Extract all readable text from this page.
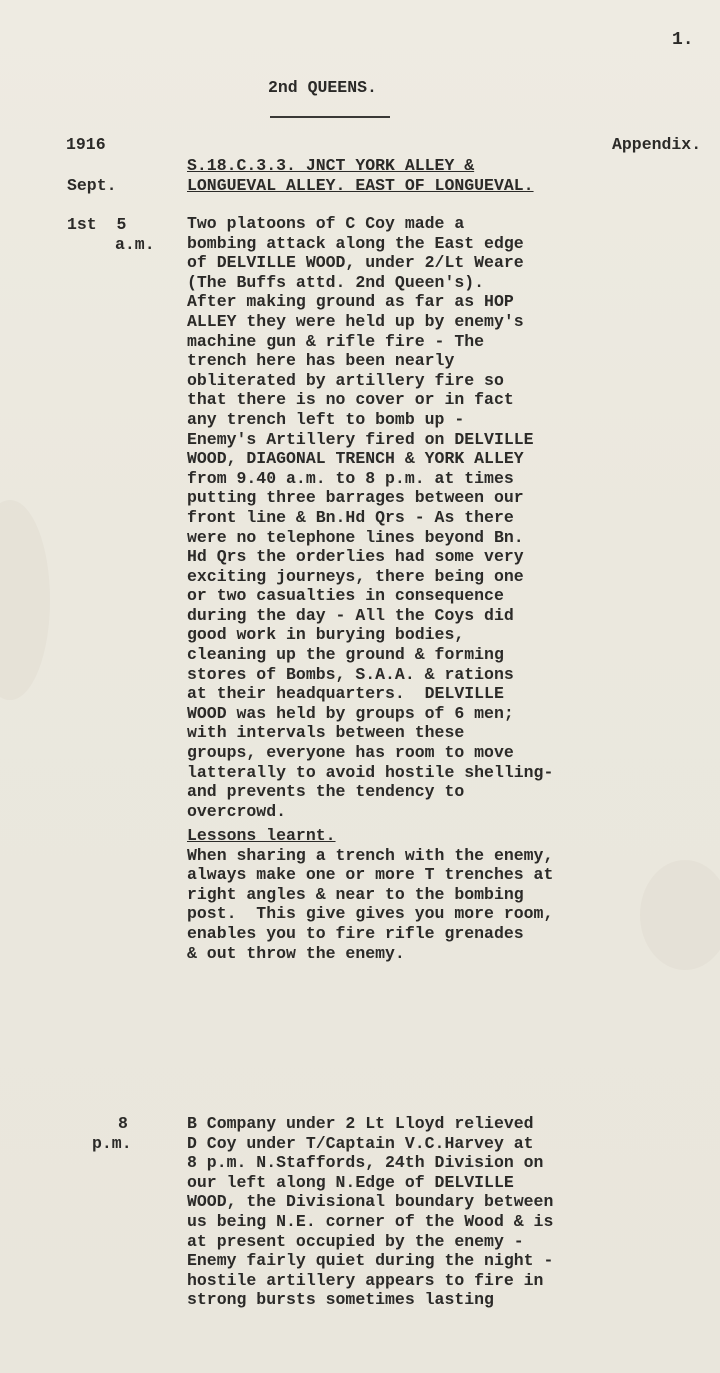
1.
2nd QUEENS.
1916	Appendix.
Sept.
S.18.C.3.3. JNCT YORK ALLEY &
LONGUEVAL ALLEY. EAST OF LONGUEVAL.
1st  5
a.m.
Two platoons of C Coy made a
bombing attack along the East edge
of DELVILLE WOOD, under 2/Lt Weare
(The Buffs attd. 2nd Queen's).
After making ground as far as HOP
ALLEY they were held up by enemy's
machine gun & rifle fire - The
trench here has been nearly
obliterated by artillery fire so
that there is no cover or in fact
any trench left to bomb up -
Enemy's Artillery fired on DELVILLE
WOOD, DIAGONAL TRENCH & YORK ALLEY
from 9.40 a.m. to 8 p.m. at times
putting three barrages between our
front line & Bn.Hd Qrs - As there
were no telephone lines beyond Bn.
Hd Qrs the orderlies had some very
exciting journeys, there being one
or two casualties in consequence
during the day - All the Coys did
good work in burying bodies,
cleaning up the ground & forming
stores of Bombs, S.A.A. & rations
at their headquarters.  DELVILLE
WOOD was held by groups of 6 men;
with intervals between these
groups, everyone has room to move
latterally to avoid hostile shelling-
and prevents the tendency to
overcrowd.
Lessons learnt.
When sharing a trench with the enemy,
always make one or more T trenches at
right angles & near to the bombing
post.  This give gives you more room,
enables you to fire rifle grenades
& out throw the enemy.
8
p.m.
B Company under 2 Lt Lloyd relieved
D Coy under T/Captain V.C.Harvey at
8 p.m. N.Staffords, 24th Division on
our left along N.Edge of DELVILLE
WOOD, the Divisional boundary between
us being N.E. corner of the Wood & is
at present occupied by the enemy -
Enemy fairly quiet during the night -
hostile artillery appears to fire in
strong bursts sometimes lasting
